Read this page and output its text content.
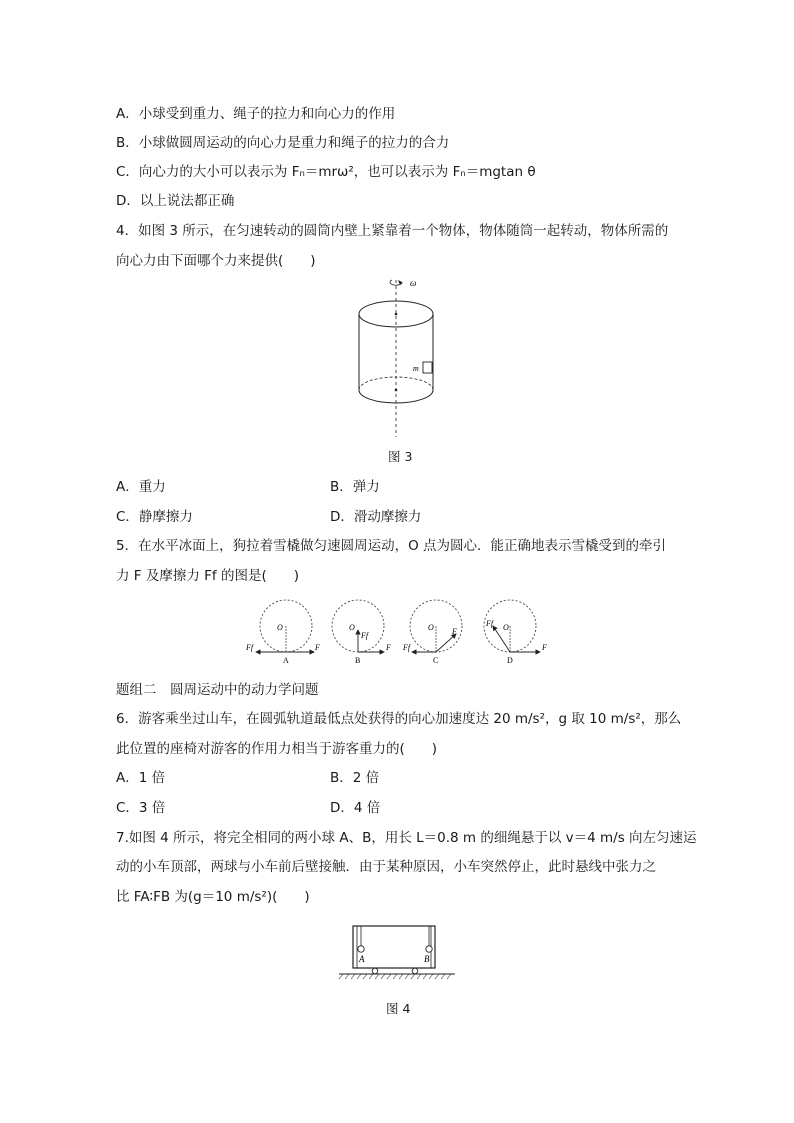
A．小球受到重力、绳子的拉力和向心力的作用
B．小球做圆周运动的向心力是重力和绳子的拉力的合力
C．向心力的大小可以表示为 Fₙ＝mrω²，也可以表示为 Fₙ＝mgtan θ
D．以上说法都正确
4．如图 3 所示，在匀速转动的圆筒内壁上紧靠着一个物体，物体随筒一起转动，物体所需的
向心力由下面哪个力来提供(　　)
ω
m
图 3
A．重力	B．弹力
C．静摩擦力	D．滑动摩擦力
5．在水平冰面上，狗拉着雪橇做匀速圆周运动，O 点为圆心．能正确地表示雪橇受到的牵引
力 F 及摩擦力 Ff 的图是(　　)
O
F
Ff
A
O
Ff
F
B
O F
Ff
C
O
Ff
F
D
题组二　圆周运动中的动力学问题
6．游客乘坐过山车，在圆弧轨道最低点处获得的向心加速度达 20 m/s²，g 取 10 m/s²，那么
此位置的座椅对游客的作用力相当于游客重力的(　　)
A．1 倍	B．2 倍
C．3 倍	D．4 倍
7.如图 4 所示，将完全相同的两小球 A、B，用长 L＝0.8 m 的细绳悬于以 v＝4 m/s 向左匀速运
动的小车顶部，两球与小车前后壁接触．由于某种原因，小车突然停止，此时悬线中张力之
比 FA∶FB 为(g＝10 m/s²)(　　)
A	B
图 4
